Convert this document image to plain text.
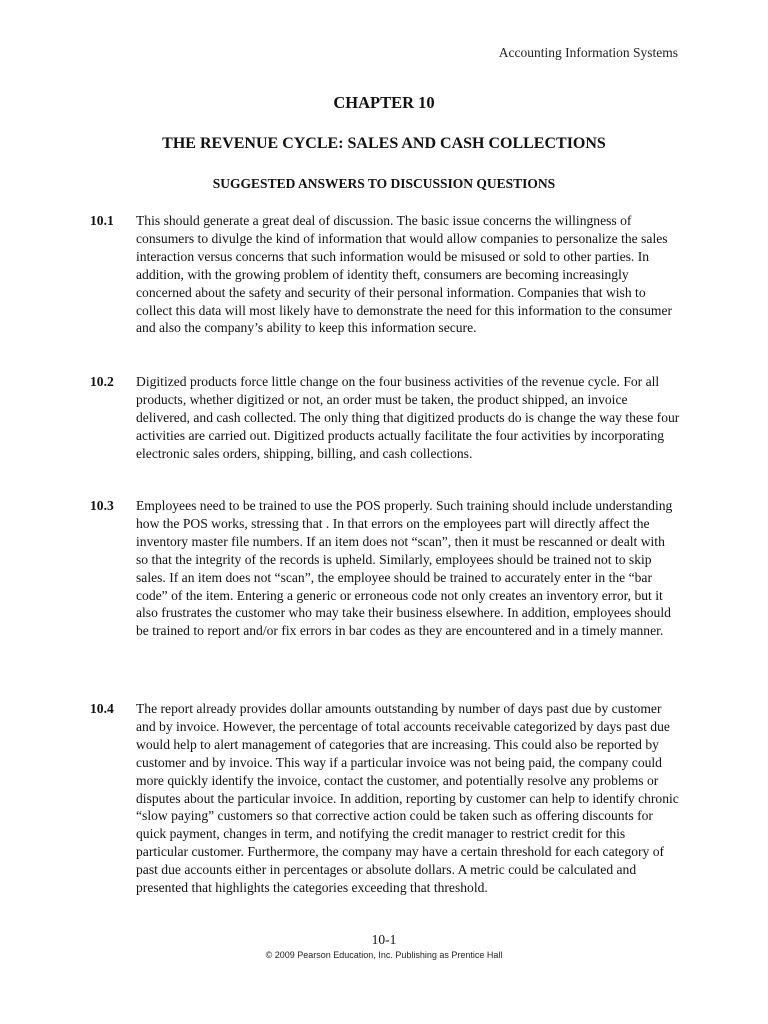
Accounting Information Systems
CHAPTER 10
THE REVENUE CYCLE: SALES AND CASH COLLECTIONS
SUGGESTED ANSWERS TO DISCUSSION QUESTIONS
10.1 This should generate a great deal of discussion. The basic issue concerns the willingness of consumers to divulge the kind of information that would allow companies to personalize the sales interaction versus concerns that such information would be misused or sold to other parties. In addition, with the growing problem of identity theft, consumers are becoming increasingly concerned about the safety and security of their personal information. Companies that wish to collect this data will most likely have to demonstrate the need for this information to the consumer and also the company’s ability to keep this information secure.
10.2 Digitized products force little change on the four business activities of the revenue cycle. For all products, whether digitized or not, an order must be taken, the product shipped, an invoice delivered, and cash collected. The only thing that digitized products do is change the way these four activities are carried out. Digitized products actually facilitate the four activities by incorporating electronic sales orders, shipping, billing, and cash collections.
10.3 Employees need to be trained to use the POS properly. Such training should include understanding how the POS works, stressing that . In that errors on the employees part will directly affect the inventory master file numbers. If an item does not “scan”, then it must be rescanned or dealt with so that the integrity of the records is upheld. Similarly, employees should be trained not to skip sales. If an item does not “scan”, the employee should be trained to accurately enter in the “bar code” of the item. Entering a generic or erroneous code not only creates an inventory error, but it also frustrates the customer who may take their business elsewhere. In addition, employees should be trained to report and/or fix errors in bar codes as they are encountered and in a timely manner.
10.4 The report already provides dollar amounts outstanding by number of days past due by customer and by invoice. However, the percentage of total accounts receivable categorized by days past due would help to alert management of categories that are increasing. This could also be reported by customer and by invoice. This way if a particular invoice was not being paid, the company could more quickly identify the invoice, contact the customer, and potentially resolve any problems or disputes about the particular invoice. In addition, reporting by customer can help to identify chronic “slow paying” customers so that corrective action could be taken such as offering discounts for quick payment, changes in term, and notifying the credit manager to restrict credit for this particular customer. Furthermore, the company may have a certain threshold for each category of past due accounts either in percentages or absolute dollars. A metric could be calculated and presented that highlights the categories exceeding that threshold.
10-1
© 2009 Pearson Education, Inc. Publishing as Prentice Hall
